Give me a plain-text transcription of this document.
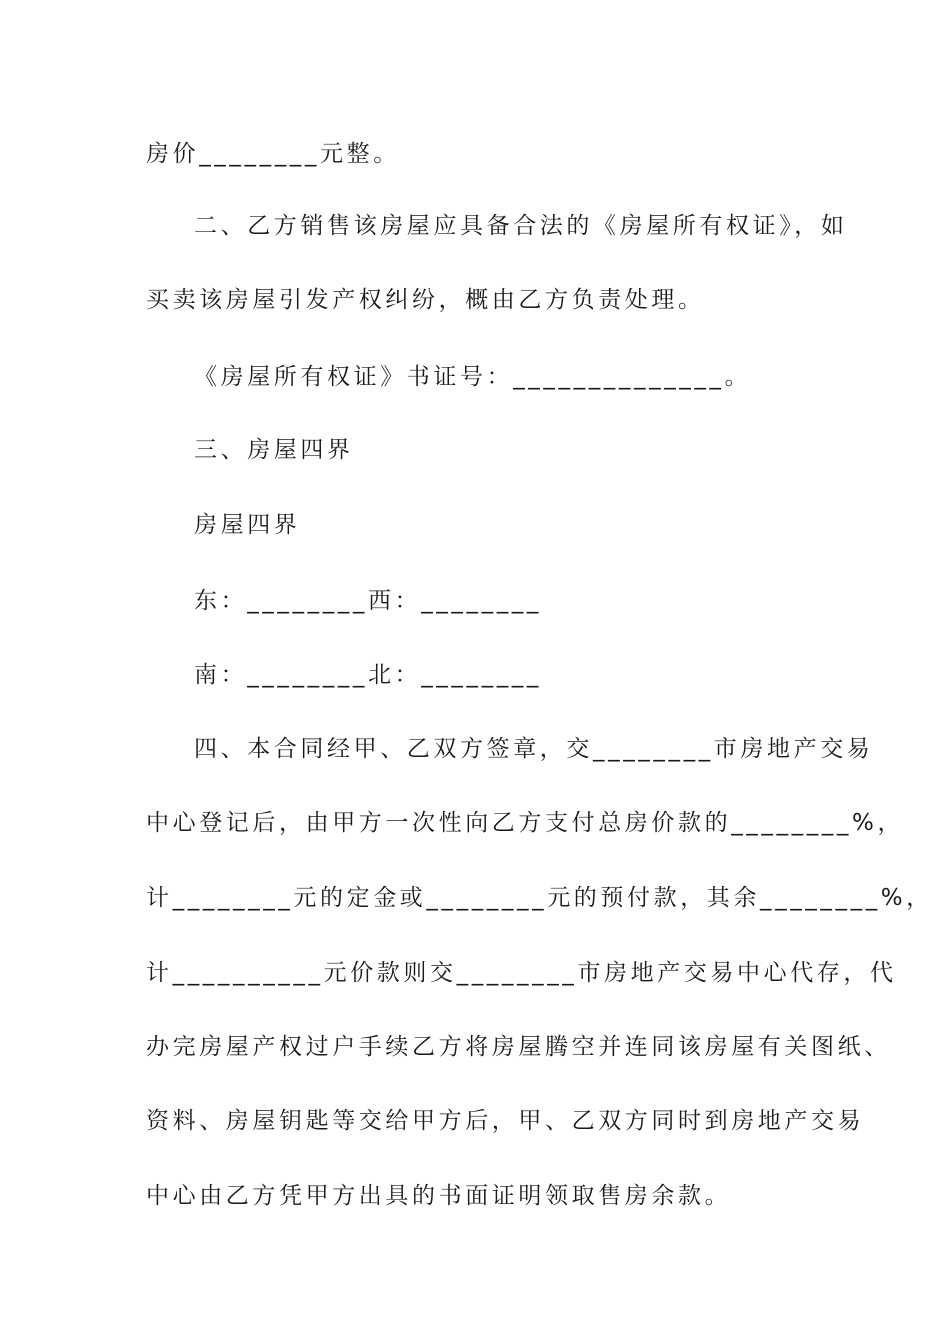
房价________元整。
二、乙方销售该房屋应具备合法的《房屋所有权证》，如
买卖该房屋引发产权纠纷，概由乙方负责处理。
《房屋所有权证》书证号：______________。
三、房屋四界
房屋四界
东：________西：________
南：________北：________
四、本合同经甲、乙双方签章，交________市房地产交易
中心登记后，由甲方一次性向乙方支付总房价款的________%，
计________元的定金或________元的预付款，其余________%，
计__________元价款则交________市房地产交易中心代存，代
办完房屋产权过户手续乙方将房屋腾空并连同该房屋有关图纸、
资料、房屋钥匙等交给甲方后，甲、乙双方同时到房地产交易
中心由乙方凭甲方出具的书面证明领取售房余款。
